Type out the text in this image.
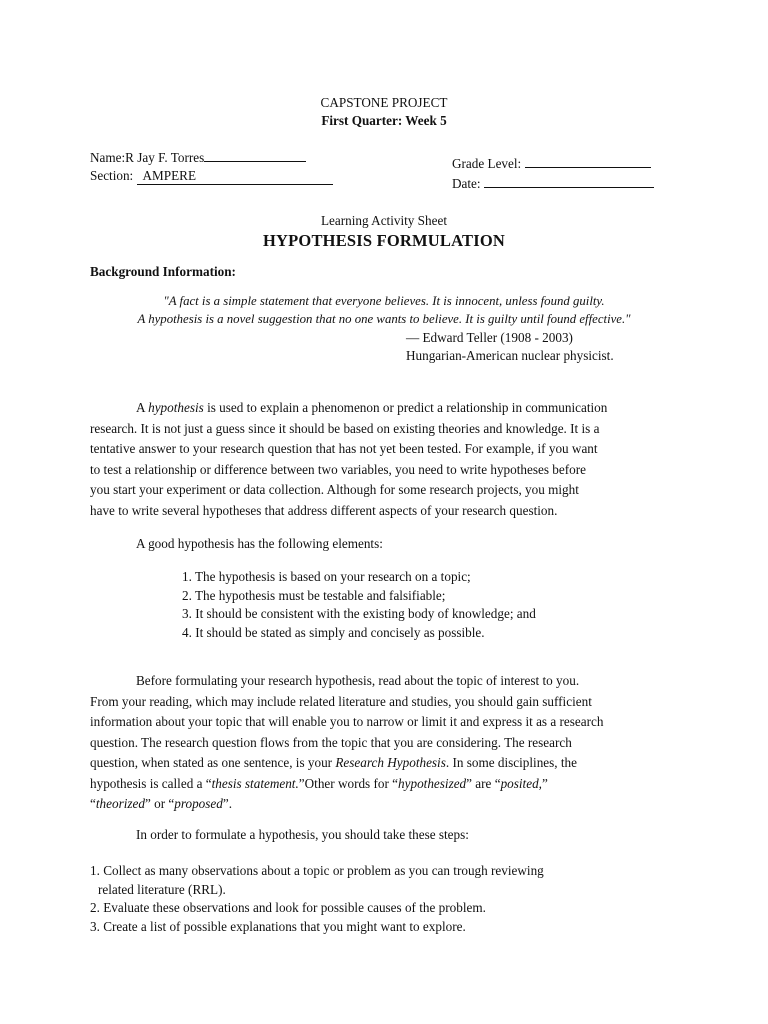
CAPSTONE PROJECT
First Quarter: Week 5
Name:R Jay F. Torres
Section: AMPERE
Grade Level:
Date:
Learning Activity Sheet
HYPOTHESIS FORMULATION
Background Information:
"A fact is a simple statement that everyone believes. It is innocent, unless found guilty.
A hypothesis is a novel suggestion that no one wants to believe. It is guilty until found effective."
— Edward Teller (1908 - 2003)
Hungarian-American nuclear physicist.
A hypothesis is used to explain a phenomenon or predict a relationship in communication
research. It is not just a guess since it should be based on existing theories and knowledge. It is a
tentative answer to your research question that has not yet been tested. For example, if you want
to test a relationship or difference between two variables, you need to write hypotheses before
you start your experiment or data collection. Although for some research projects, you might
have to write several hypotheses that address different aspects of your research question.
A good hypothesis has the following elements:
1. The hypothesis is based on your research on a topic;
2. The hypothesis must be testable and falsifiable;
3. It should be consistent with the existing body of knowledge; and
4. It should be stated as simply and concisely as possible.
Before formulating your research hypothesis, read about the topic of interest to you.
From your reading, which may include related literature and studies, you should gain sufficient
information about your topic that will enable you to narrow or limit it and express it as a research
question. The research question flows from the topic that you are considering. The research
question, when stated as one sentence, is your Research Hypothesis. In some disciplines, the
hypothesis is called a “thesis statement.”Other words for “hypothesized” are “posited,”
“theorized” or “proposed”.
In order to formulate a hypothesis, you should take these steps:
1. Collect as many observations about a topic or problem as you can trough reviewing
related literature (RRL).
2. Evaluate these observations and look for possible causes of the problem.
3. Create a list of possible explanations that you might want to explore.
